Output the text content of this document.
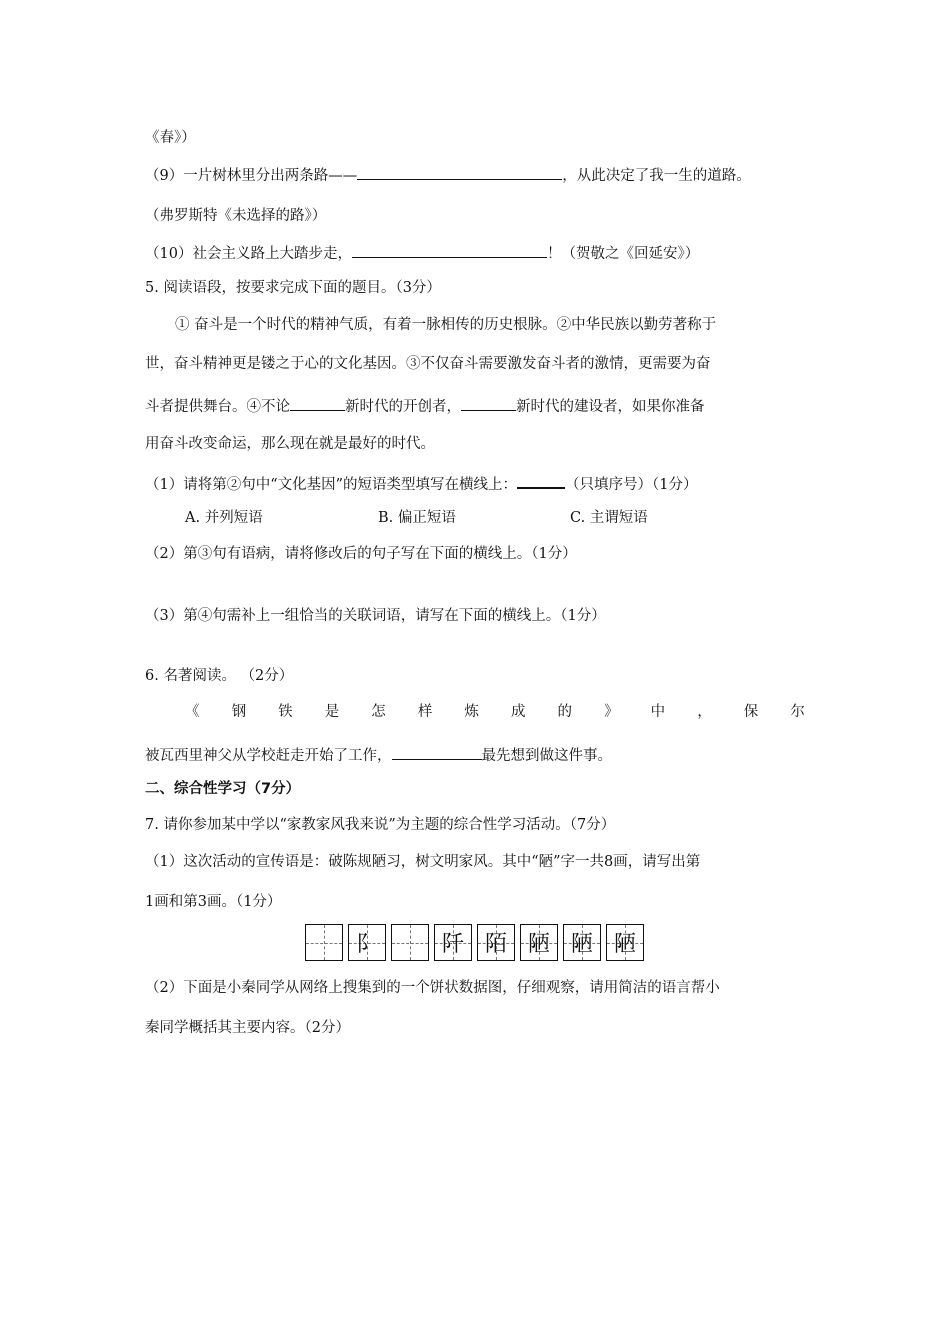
《春》）
（9）一片树林里分出两条路——	，从此决定了我一生的道路。
（弗罗斯特《未选择的路》）
（10）社会主义路上大踏步走，	！（贺敬之《回延安》）
5. 阅读语段，按要求完成下面的题目。（3分）
① 奋斗是一个时代的精神气质，有着一脉相传的历史根脉。②中华民族以勤劳著称于
世，奋斗精神更是镂之于心的文化基因。③不仅奋斗需要激发奋斗者的激情，更需要为奋
斗者提供舞台。④不论	新时代的开创者，	新时代的建设者，如果你准备
用奋斗改变命运，那么现在就是最好的时代。
（1）请将第②句中“文化基因”的短语类型填写在横线上：	（只填序号）（1分）
A. 并列短语	B. 偏正短语	C. 主谓短语
（2）第③句有语病，请将修改后的句子写在下面的横线上。（1分）
（3）第④句需补上一组恰当的关联词语，请写在下面的横线上。（1分）
6. 名著阅读。 （2分）
《 钢 铁 是 怎 样 炼 成 的 》 中 ， 保 尔
被瓦西里神父从学校赶走开始了工作，	最先想到做这件事。
二、综合性学习（7分）
7. 请你参加某中学以“家教家风我来说”为主题的综合性学习活动。（7分）
（1）这次活动的宣传语是：破陈规陋习，树文明家风。其中“陋”字一共8画，请写出第
1画和第3画。（1分）
阝	阡 陌 陋 陋 陋
（2）下面是小秦同学从网络上搜集到的一个饼状数据图，仔细观察，请用简洁的语言帮小
秦同学概括其主要内容。（2分）
